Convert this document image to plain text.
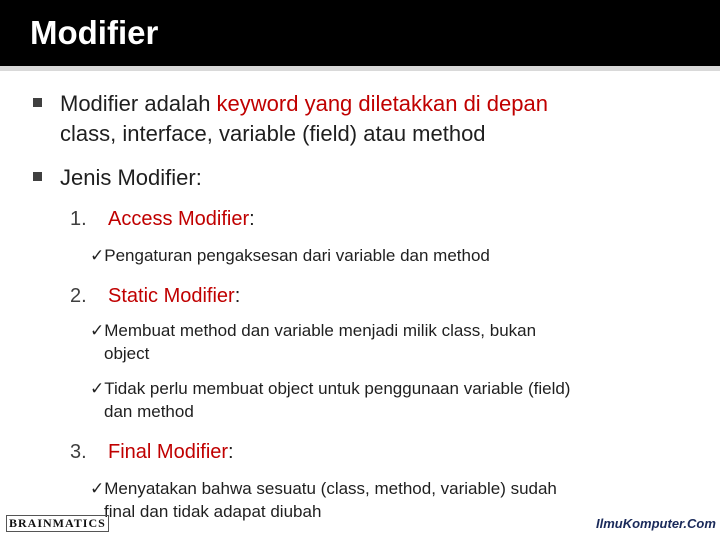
Modifier
Modifier adalah keyword yang diletakkan di depan
class, interface, variable (field) atau method
Jenis Modifier:
1. Access Modifier:
✓Pengaturan pengaksesan dari variable dan method
2. Static Modifier:
✓Membuat method dan variable menjadi milik class, bukan
object
✓Tidak perlu membuat object untuk penggunaan variable (field)
dan method
3. Final Modifier:
✓Menyatakan bahwa sesuatu (class, method, variable) sudah
final dan tidak adapat diubah
BRAINMATICS	IlmuKomputer.Com
